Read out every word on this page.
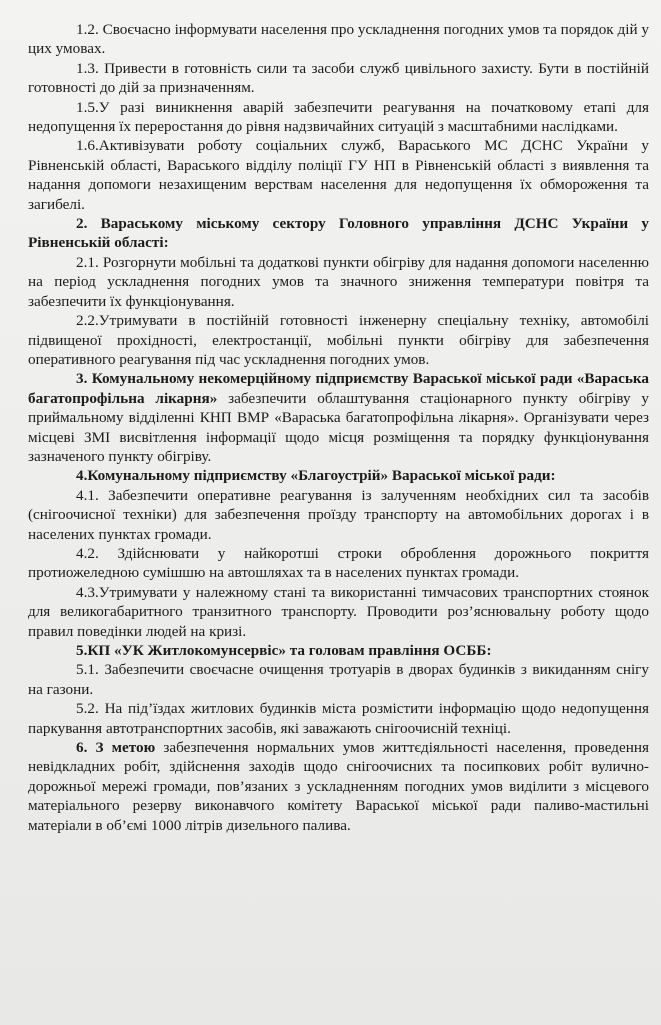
1.2. Своєчасно інформувати населення про ускладнення погодних умов та порядок дій у цих умовах.

1.3. Привести в готовність сили та засоби служб цивільного захисту. Бути в постійній готовності до дій за призначенням.

1.5.У разі виникнення аварій забезпечити реагування на початковому етапі для недопущення їх переростання до рівня надзвичайних ситуацій з масштабними наслідками.

1.6.Активізувати роботу соціальних служб, Вараського МС ДСНС України у Рівненській області, Вараського відділу поліції ГУ НП в Рівненській області з виявлення та надання допомоги незахищеним верствам населення для недопущення їх обмороження та загибелі.

2. Вараському міському сектору Головного управління ДСНС України у Рівненській області:

2.1. Розгорнути мобільні та додаткові пункти обігріву для надання допомоги населенню на період ускладнення погодних умов та значного зниження температури повітря та забезпечити їх функціонування.

2.2.Утримувати в постійній готовності інженерну спеціальну техніку, автомобілі підвищеної прохідності, електростанції, мобільні пункти обігріву для забезпечення оперативного реагування під час ускладнення погодних умов.

3. Комунальному некомерційному підприємству Вараської міської ради «Вараська багатопрофільна лікарня» забезпечити облаштування стаціонарного пункту обігріву у приймальному відділенні КНП ВМР «Вараська багатопрофільна лікарня». Організувати через місцеві ЗМІ висвітлення інформації щодо місця розміщення та порядку функціонування зазначеного пункту обігріву.

4.Комунальному підприємству «Благоустрій» Вараської міської ради:

4.1. Забезпечити оперативне реагування із залученням необхідних сил та засобів (снігоочисної техніки) для забезпечення проїзду транспорту на автомобільних дорогах і в населених пунктах громади.

4.2. Здійснювати у найкоротші строки оброблення дорожнього покриття протиожеледною сумішшю на автошляхах та в населених пунктах громади.

4.3.Утримувати у належному стані та використанні тимчасових транспортних стоянок для великогабаритного транзитного транспорту. Проводити роз’яснювальну роботу щодо правил поведінки людей на кризі.

5.КП «УК Житлокомунсервіс» та головам правління ОСББ:

5.1. Забезпечити своєчасне очищення тротуарів в дворах будинків з викиданням снігу на газони.

5.2. На під’їздах житлових будинків міста розмістити інформацію щодо недопущення паркування автотранспортних засобів, які заважають снігоочисній техніці.

6. З метою забезпечення нормальних умов життєдіяльності населення, проведення невідкладних робіт, здійснення заходів щодо снігоочисних та посипкових робіт вулично-дорожньої мережі громади, пов’язаних з ускладненням погодних умов виділити з місцевого матеріального резерву виконавчого комітету Вараської міської ради паливо-мастильні матеріали в об’ємі 1000 літрів дизельного палива.
